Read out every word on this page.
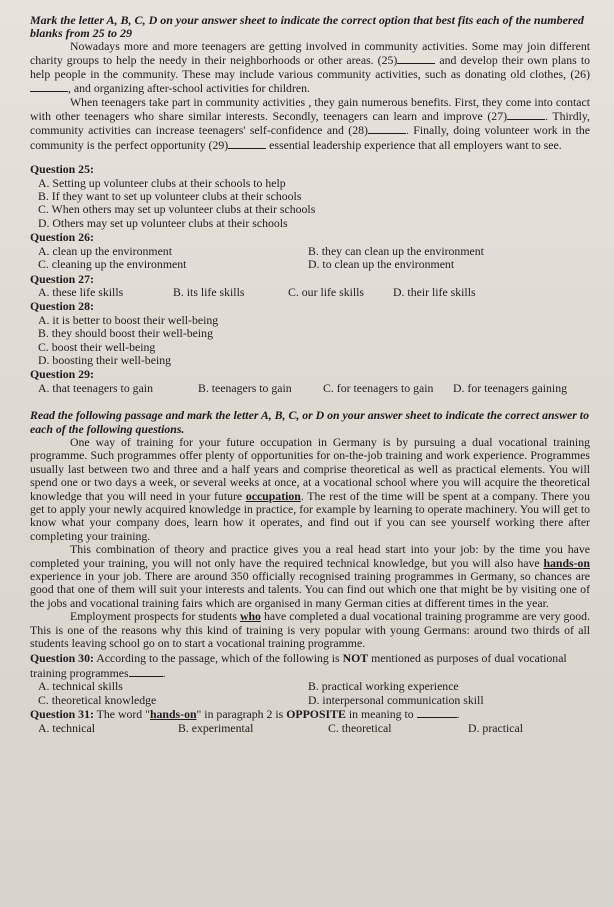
Mark the letter A, B, C, D on your answer sheet to indicate the correct option that best fits each of the numbered blanks from 25 to 29
Nowadays more and more teenagers are getting involved in community activities. Some may join different charity groups to help the needy in their neighborhoods or other areas. (25)	and develop their own plans to help people in the community. These may include various community activities, such as donating old clothes, (26), and organizing after-school activities for children.
When teenagers take part in community activities , they gain numerous benefits. First, they come into contact with other teenagers who share similar interests. Secondly, teenagers can learn and improve (27)	. Thirdly, community activities can increase teenagers' self-confidence and (28)	. Finally, doing volunteer work in the community is the perfect opportunity (29)	essential leadership experience that all employers want to see.
Question 25:
A. Setting up volunteer clubs at their schools to help
B. If they want to set up volunteer clubs at their schools
C. When others may set up volunteer clubs at their schools
D. Others may set up volunteer clubs at their schools
Question 26:
A. clean up the environment	B. they can clean up the environment
C. cleaning up the environment	D. to clean up the environment
Question 27:
A. these life skills	B. its life skills	C. our life skills	D. their life skills
Question 28:
A. it is better to boost their well-being
B. they should boost their well-being
C. boost their well-being
D. boosting their well-being
Question 29:
A. that teenagers to gain	B. teenagers to gain	C. for teenagers to gain	D. for teenagers gaining
Read the following passage and mark the letter A, B, C, or D on your answer sheet to indicate the correct answer to each of the following questions.
One way of training for your future occupation in Germany is by pursuing a dual vocational training programme. Such programmes offer plenty of opportunities for on-the-job training and work experience. Programmes usually last between two and three and a half years and comprise theoretical as well as practical elements. You will spend one or two days a week, or several weeks at once, at a vocational school where you will acquire the theoretical knowledge that you will need in your future occupation. The rest of the time will be spent at a company. There you get to apply your newly acquired knowledge in practice, for example by learning to operate machinery. You will get to know what your company does, learn how it operates, and find out if you can see yourself working there after completing your training.
This combination of theory and practice gives you a real head start into your job: by the time you have completed your training, you will not only have the required technical knowledge, but you will also have hands-on experience in your job. There are around 350 officially recognised training programmes in Germany, so chances are good that one of them will suit your interests and talents. You can find out which one that might be by visiting one of the jobs and vocational training fairs which are organised in many German cities at different times in the year.
Employment prospects for students who have completed a dual vocational training programme are very good. This is one of the reasons why this kind of training is very popular with young Germans: around two thirds of all students leaving school go on to start a vocational training programme.
Question 30: According to the passage, which of the following is NOT mentioned as purposes of dual vocational training programmes	.
A. technical skills	B. practical working experience
C. theoretical knowledge	D. interpersonal communication skill
Question 31: The word "hands-on" in paragraph 2 is OPPOSITE in meaning to	.
A. technical	B. experimental	C. theoretical	D. practical
